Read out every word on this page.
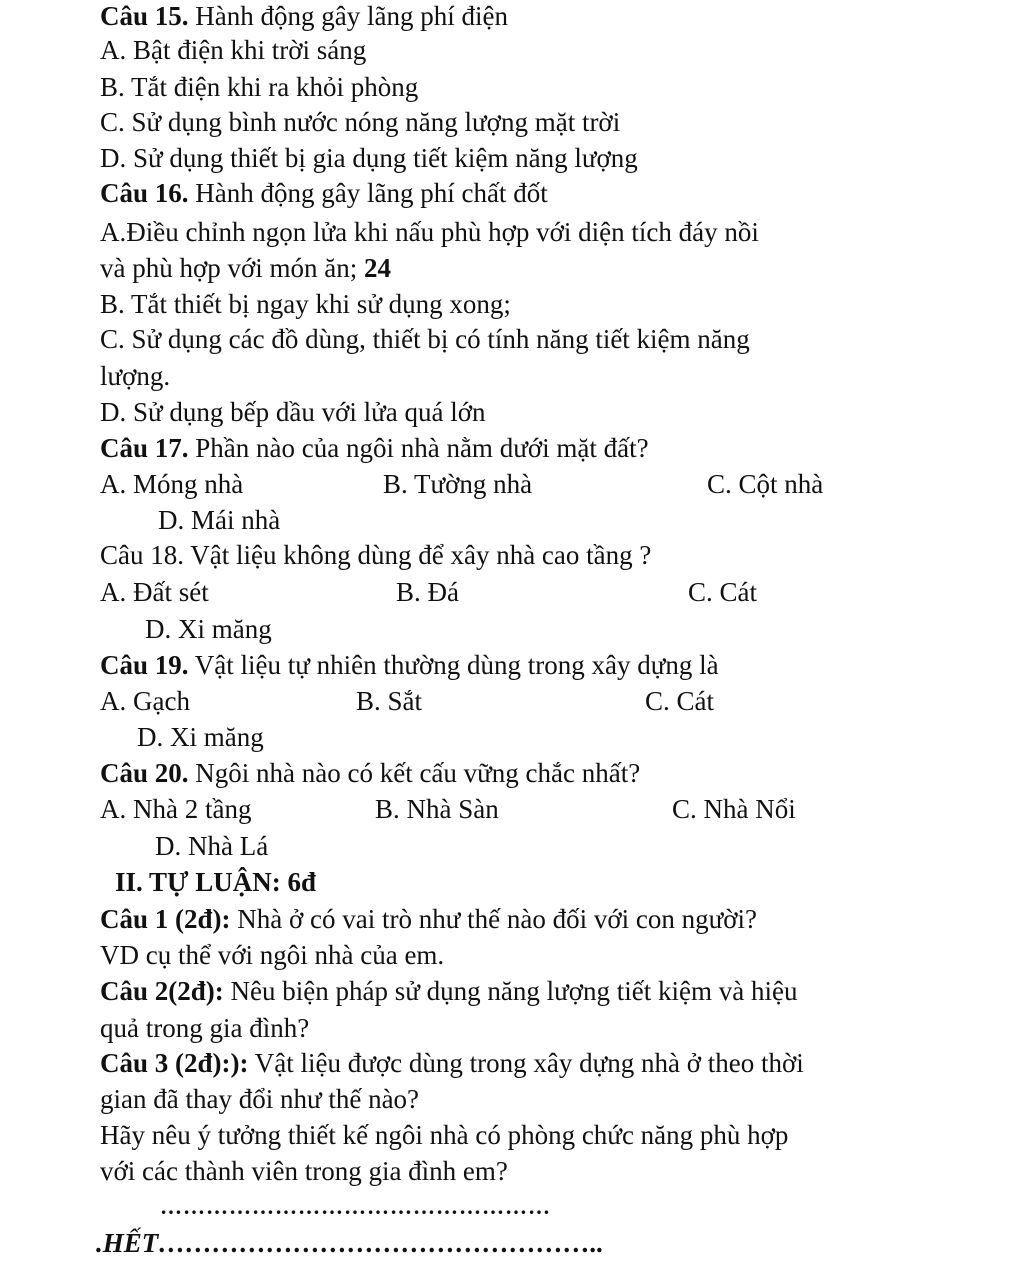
Câu 15. Hành động gây lãng phí điện
A. Bật điện khi trời sáng
B. Tắt điện khi ra khỏi phòng
C. Sử dụng bình nước nóng năng lượng mặt trời
D. Sử dụng thiết bị gia dụng tiết kiệm năng lượng
Câu 16. Hành động gây lãng phí chất đốt
A.Điều chỉnh ngọn lửa khi nấu phù hợp với diện tích đáy nồi
và phù hợp với món ăn; 24
B. Tắt thiết bị ngay khi sử dụng xong;
C. Sử dụng các đồ dùng, thiết bị có tính năng tiết kiệm năng
lượng.
D. Sử dụng bếp dầu với lửa quá lớn
Câu 17. Phần nào của ngôi nhà nằm dưới mặt đất?
A. Móng nhà	B. Tường nhà	C. Cột nhà
D. Mái nhà
Câu 18. Vật liệu không dùng để xây nhà cao tầng ?
A. Đất sét	B. Đá	C. Cát
D. Xi măng
Câu 19. Vật liệu tự nhiên thường dùng trong xây dựng là
A. Gạch	B. Sắt	C. Cát
D. Xi măng
Câu 20. Ngôi nhà nào có kết cấu vững chắc nhất?
A. Nhà 2 tầng	B. Nhà Sàn	C. Nhà Nổi
D. Nhà Lá
II. TỰ LUẬN: 6đ
Câu 1 (2đ): Nhà ở có vai trò như thế nào đối với con người?
VD cụ thể với ngôi nhà của em.
Câu 2(2đ): Nêu biện pháp sử dụng năng lượng tiết kiệm và hiệu
quả trong gia đình?
Câu 3 (2đ):): Vật liệu được dùng trong xây dựng nhà ở theo thời
gian đã thay đổi như thế nào?
Hãy nêu ý tưởng thiết kế ngôi nhà có phòng chức năng phù hợp
với các thành viên trong gia đình em?
……………………………………………
.HẾT…………………………………………..
